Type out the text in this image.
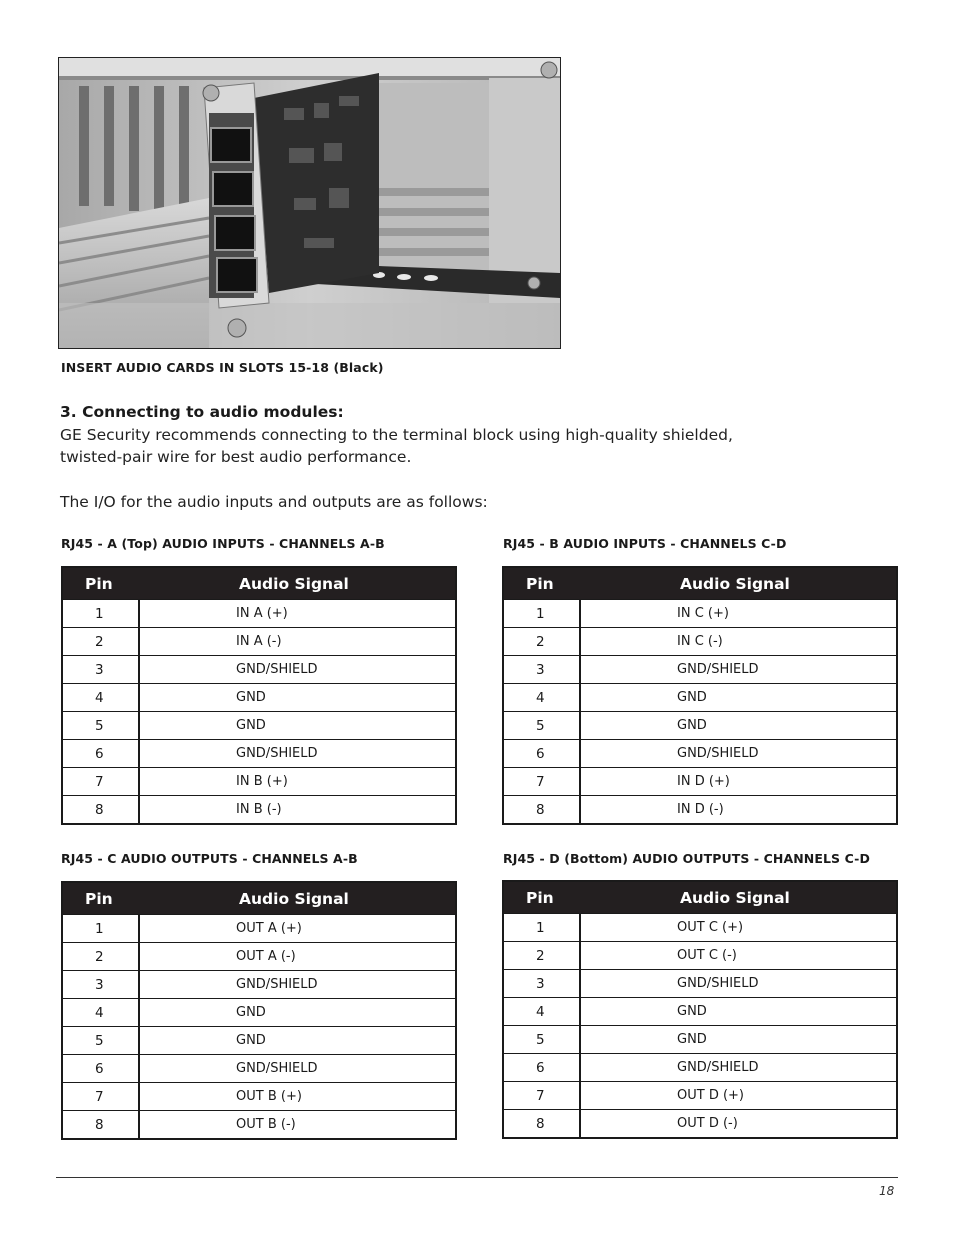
INSERT AUDIO CARDS IN SLOTS 15-18 (Black)
3. Connecting to audio modules:
GE Security recommends connecting to the terminal block using high-quality shielded,
twisted-pair wire for best audio performance.
The I/O for the audio inputs and outputs are as follows:
RJ45 - A (Top) AUDIO INPUTS - CHANNELS A-B
Pin	Audio Signal
1	IN A (+)
2	IN A (-)
3	GND/SHIELD
4	GND
5	GND
6	GND/SHIELD
7	IN B (+)
8	IN B (-)
RJ45 - B AUDIO INPUTS - CHANNELS C-D
Pin	Audio Signal
1	IN C (+)
2	IN C (-)
3	GND/SHIELD
4	GND
5	GND
6	GND/SHIELD
7	IN D (+)
8	IN D (-)
RJ45 - C AUDIO OUTPUTS - CHANNELS A-B
Pin	Audio Signal
1	OUT A (+)
2	OUT A (-)
3	GND/SHIELD
4	GND
5	GND
6	GND/SHIELD
7	OUT B (+)
8	OUT B (-)
RJ45 - D (Bottom) AUDIO OUTPUTS - CHANNELS C-D
Pin	Audio Signal
1	OUT C (+)
2	OUT C (-)
3	GND/SHIELD
4	GND
5	GND
6	GND/SHIELD
7	OUT D (+)
8	OUT D (-)
18
